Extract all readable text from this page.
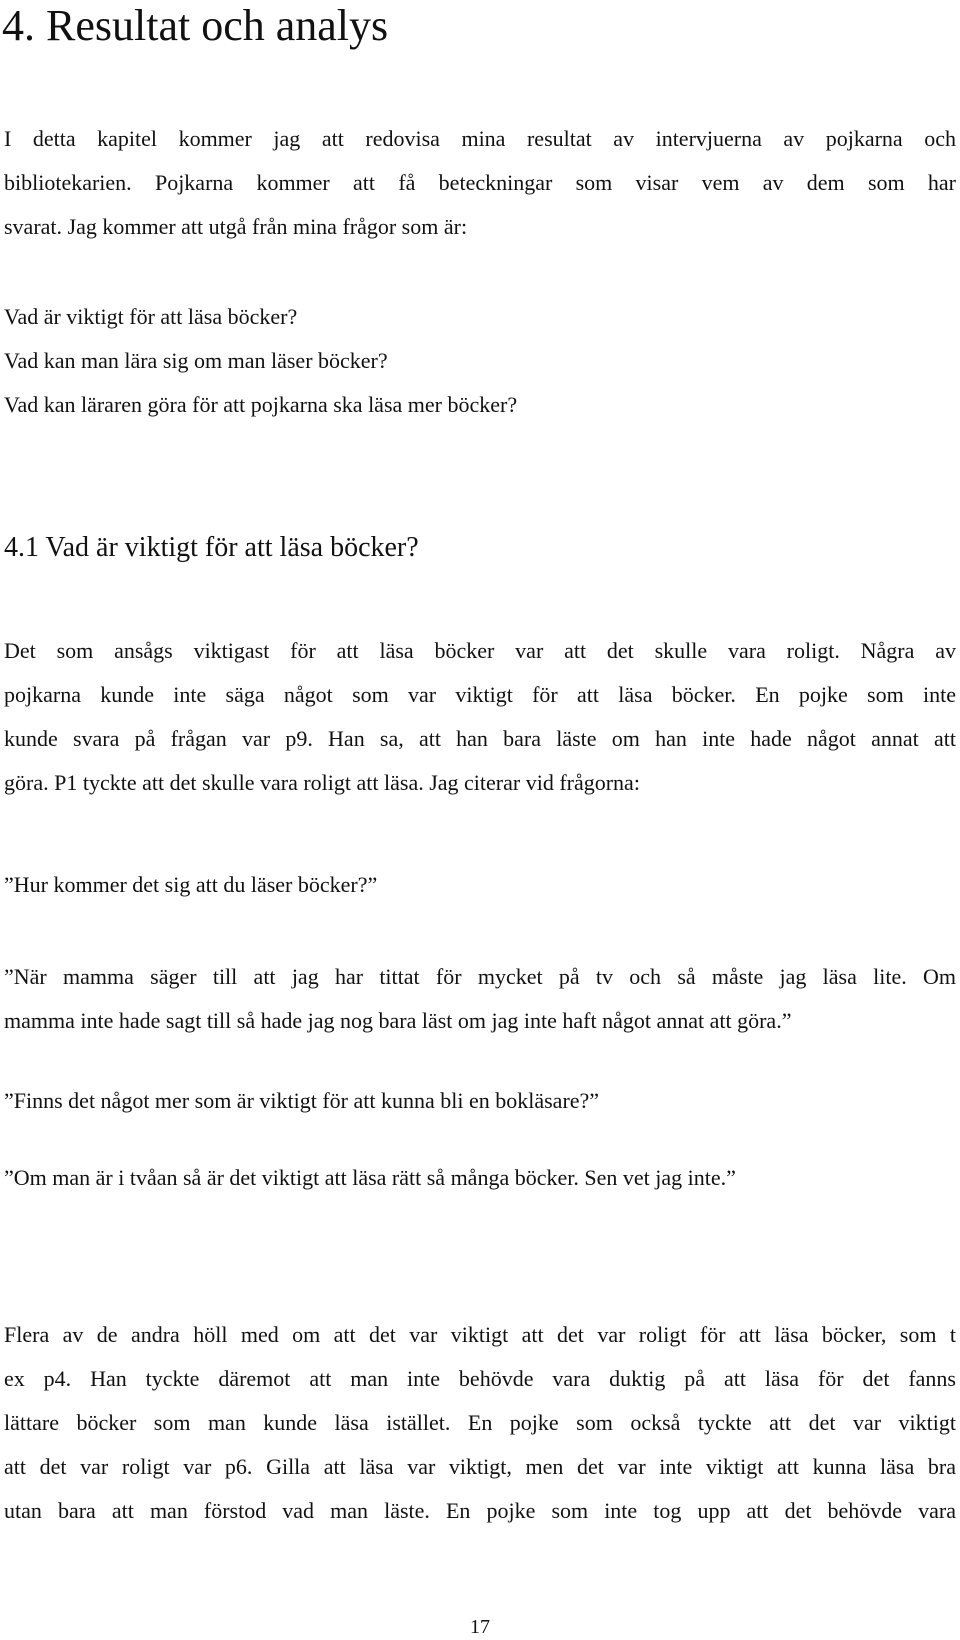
4. Resultat och analys
I detta kapitel kommer jag att redovisa mina resultat av intervjuerna av pojkarna och
bibliotekarien. Pojkarna kommer att få beteckningar som visar vem av dem som har
svarat. Jag kommer att utgå från mina frågor som är:
Vad är viktigt för att läsa böcker?
Vad kan man lära sig om man läser böcker?
Vad kan läraren göra för att pojkarna ska läsa mer böcker?
4.1 Vad är viktigt för att läsa böcker?
Det som ansågs viktigast för att läsa böcker var att det skulle vara roligt. Några av
pojkarna kunde inte säga något som var viktigt för att läsa böcker. En pojke som inte
kunde svara på frågan var p9. Han sa, att han bara läste om han inte hade något annat att
göra. P1 tyckte att det skulle vara roligt att läsa. Jag citerar vid frågorna:
”Hur kommer det sig att du läser böcker?”
”När mamma säger till att jag har tittat för mycket på tv och så måste jag läsa lite. Om
mamma inte hade sagt till så hade jag nog bara läst om jag inte haft något annat att göra.”
”Finns det något mer som är viktigt för att kunna bli en bokläsare?”
”Om man är i tvåan så är det viktigt att läsa rätt så många böcker. Sen vet jag inte.”
Flera av de andra höll med om att det var viktigt att det var roligt för att läsa böcker, som t
ex p4. Han tyckte däremot att man inte behövde vara duktig på att läsa för det fanns
lättare böcker som man kunde läsa istället. En pojke som också tyckte att det var viktigt
att det var roligt var p6. Gilla att läsa var viktigt, men det var inte viktigt att kunna läsa bra
utan bara att man förstod vad man läste. En pojke som inte tog upp att det behövde vara
17
